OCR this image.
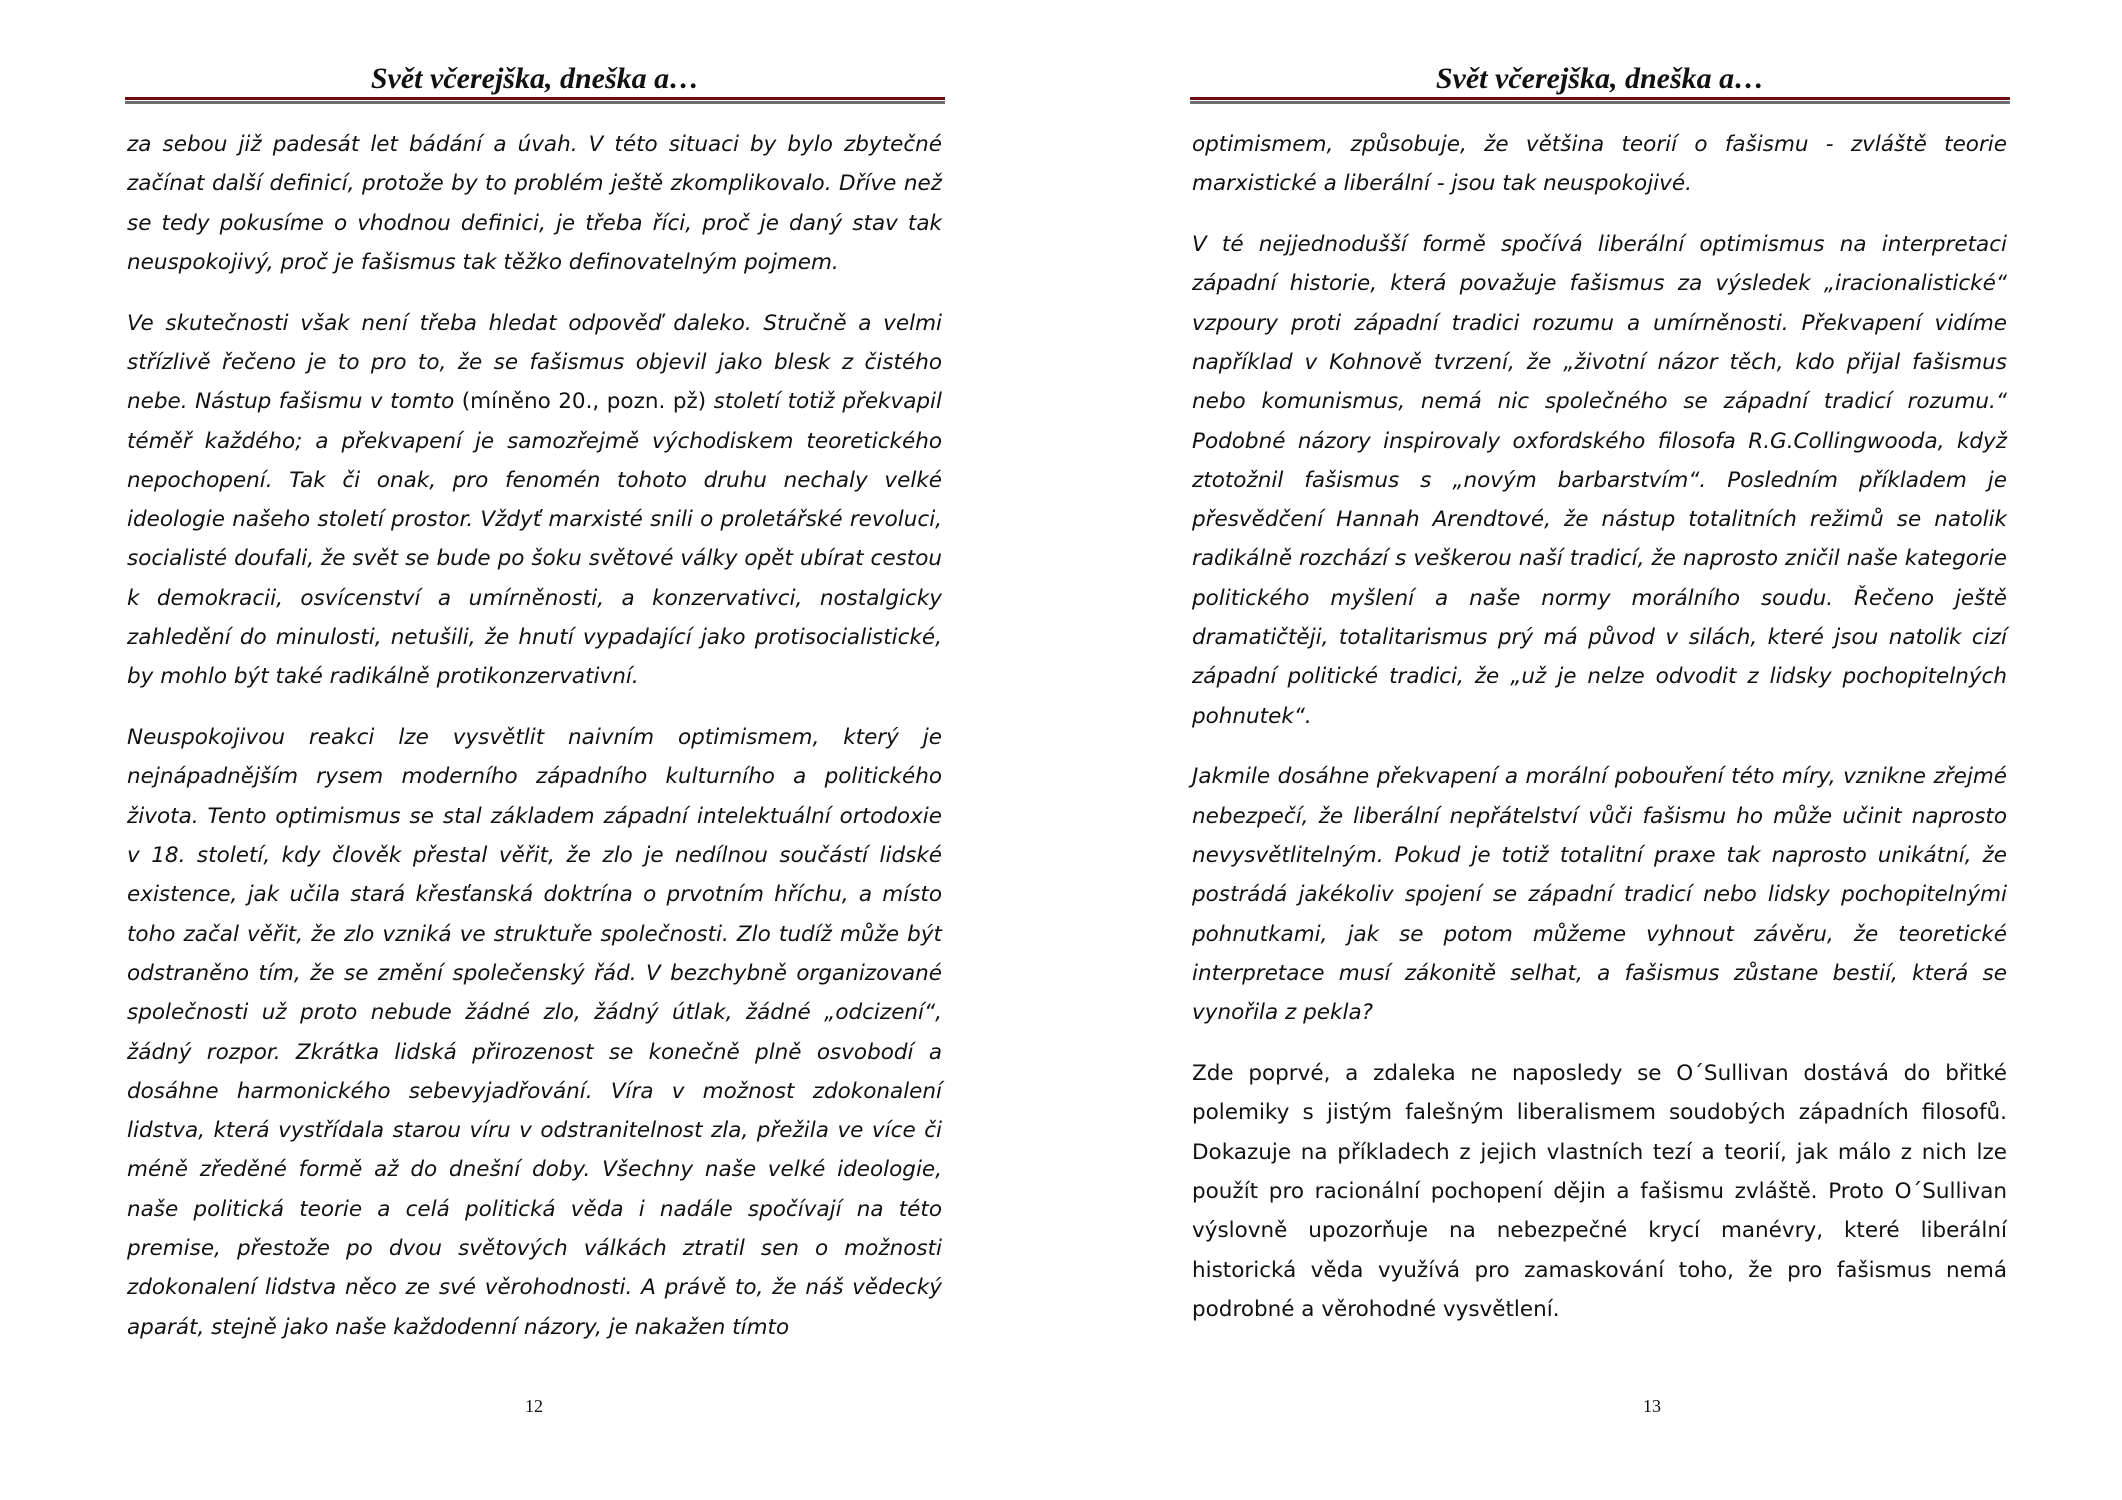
Svět včerejška, dneška a…

za sebou již padesát let bádání a úvah. V této situaci by bylo zbytečné začínat další definicí, protože by to problém ještě zkomplikovalo. Dříve než se tedy pokusíme o vhodnou definici, je třeba říci, proč je daný stav tak neuspokojivý, proč je fašismus tak těžko definovatelným pojmem.

Ve skutečnosti však není třeba hledat odpověď daleko. Stručně a velmi střízlivě řečeno je to pro to, že se fašismus objevil jako blesk z čistého nebe. Nástup fašismu v tomto (míněno 20., pozn. pž) století totiž překvapil téměř každého; a překvapení je samozřejmě východiskem teoretického nepochopení. Tak či onak, pro fenomén tohoto druhu nechaly velké ideologie našeho století prostor. Vždyť marxisté snili o proletářské revoluci, socialisté doufali, že svět se bude po šoku světové války opět ubírat cestou k demokracii, osvícenství a umírněnosti, a konzervativci, nostalgicky zahledění do minulosti, netušili, že hnutí vypadající jako protisocialistické, by mohlo být také radikálně protikonzervativní.

Neuspokojivou reakci lze vysvětlit naivním optimismem, který je nejnápadnějším rysem moderního západního kulturního a politického života. Tento optimismus se stal základem západní intelektuální ortodoxie v 18. století, kdy člověk přestal věřit, že zlo je nedílnou součástí lidské existence, jak učila stará křesťanská doktrína o prvotním hříchu, a místo toho začal věřit, že zlo vzniká ve struktuře společnosti. Zlo tudíž může být odstraněno tím, že se změní společenský řád. V bezchybně organizované společnosti už proto nebude žádné zlo, žádný útlak, žádné „odcizení“, žádný rozpor. Zkrátka lidská přirozenost se konečně plně osvobodí a dosáhne harmonického sebevyjadřování. Víra v možnost zdokonalení lidstva, která vystřídala starou víru v odstranitelnost zla, přežila ve více či méně zředěné formě až do dnešní doby. Všechny naše velké ideologie, naše politická teorie a celá politická věda i nadále spočívají na této premise, přestože po dvou světových válkách ztratil sen o možnosti zdokonalení lidstva něco ze své věrohodnosti. A právě to, že náš vědecký aparát, stejně jako naše každodenní názory, je nakažen tímto

12
Svět včerejška, dneška a…

optimismem, způsobuje, že většina teorií o fašismu - zvláště teorie marxistické a liberální - jsou tak neuspokojivé.

V té nejjednodušší formě spočívá liberální optimismus na interpretaci západní historie, která považuje fašismus za výsledek „iracionalistické“ vzpoury proti západní tradici rozumu a umírněnosti. Překvapení vidíme například v Kohnově tvrzení, že „životní názor těch, kdo přijal fašismus nebo komunismus, nemá nic společného se západní tradicí rozumu.“ Podobné názory inspirovaly oxfordského filosofa R.G.Collingwooda, když ztotožnil fašismus s „novým barbarstvím“. Posledním příkladem je přesvědčení Hannah Arendtové, že nástup totalitních režimů se natolik radikálně rozchází s veškerou naší tradicí, že naprosto zničil naše kategorie politického myšlení a naše normy morálního soudu. Řečeno ještě dramatičtěji, totalitarismus prý má původ v silách, které jsou natolik cizí západní politické tradici, že „už je nelze odvodit z lidsky pochopitelných pohnutek“.

Jakmile dosáhne překvapení a morální pobouření této míry, vznikne zřejmé nebezpečí, že liberální nepřátelství vůči fašismu ho může učinit naprosto nevysvětlitelným. Pokud je totiž totalitní praxe tak naprosto unikátní, že postrádá jakékoliv spojení se západní tradicí nebo lidsky pochopitelnými pohnutkami, jak se potom můžeme vyhnout závěru, že teoretické interpretace musí zákonitě selhat, a fašismus zůstane bestií, která se vynořila z pekla?

Zde poprvé, a zdaleka ne naposledy se O´Sullivan dostává do břitké polemiky s jistým falešným liberalismem soudobých západních filosofů. Dokazuje na příkladech z jejich vlastních tezí a teorií, jak málo z nich lze použít pro racionální pochopení dějin a fašismu zvláště. Proto O´Sullivan výslovně upozorňuje na nebezpečné krycí manévry, které liberální historická věda využívá pro zamaskování toho, že pro fašismus nemá podrobné a věrohodné vysvětlení.

13
